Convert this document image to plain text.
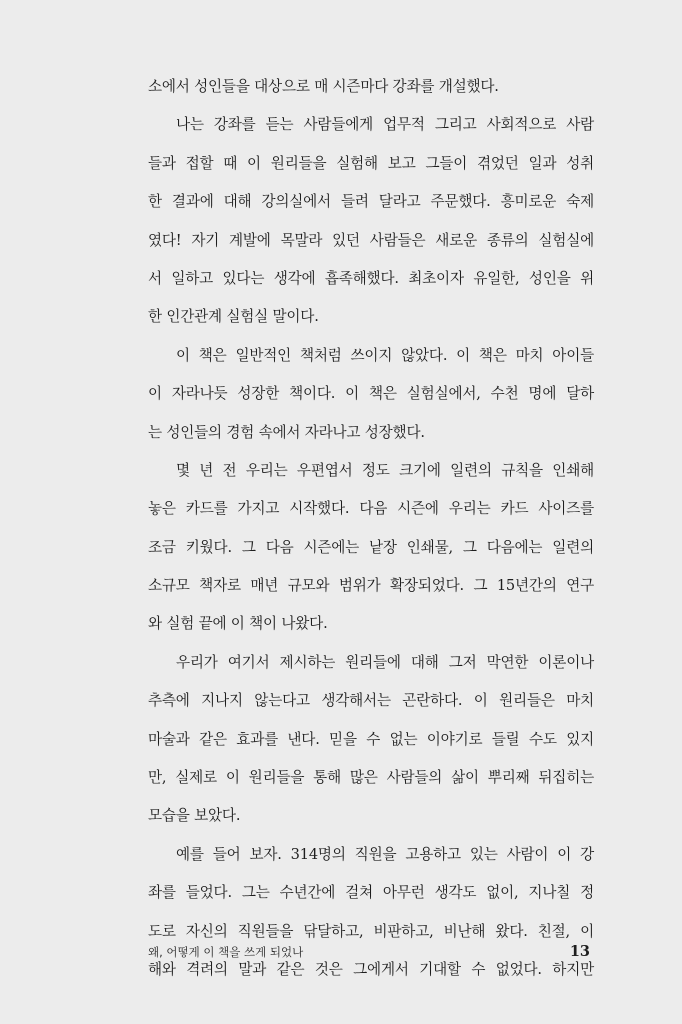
소에서 성인들을 대상으로 매 시즌마다 강좌를 개설했다.
나는 강좌를 듣는 사람들에게 업무적 그리고 사회적으로 사람
들과 접할 때 이 원리들을 실험해 보고 그들이 겪었던 일과 성취
한 결과에 대해 강의실에서 들려 달라고 주문했다. 흥미로운 숙제
였다! 자기 계발에 목말라 있던 사람들은 새로운 종류의 실험실에
서 일하고 있다는 생각에 흡족해했다. 최초이자 유일한, 성인을 위
한 인간관계 실험실 말이다.
이 책은 일반적인 책처럼 쓰이지 않았다. 이 책은 마치 아이들
이 자라나듯 성장한 책이다. 이 책은 실험실에서, 수천 명에 달하
는 성인들의 경험 속에서 자라나고 성장했다.
몇 년 전 우리는 우편엽서 정도 크기에 일련의 규칙을 인쇄해
놓은 카드를 가지고 시작했다. 다음 시즌에 우리는 카드 사이즈를
조금 키웠다. 그 다음 시즌에는 낱장 인쇄물, 그 다음에는 일련의
소규모 책자로 매년 규모와 범위가 확장되었다. 그 15년간의 연구
와 실험 끝에 이 책이 나왔다.
우리가 여기서 제시하는 원리들에 대해 그저 막연한 이론이나
추측에 지나지 않는다고 생각해서는 곤란하다. 이 원리들은 마치
마술과 같은 효과를 낸다. 믿을 수 없는 이야기로 들릴 수도 있지
만, 실제로 이 원리들을 통해 많은 사람들의 삶이 뿌리째 뒤집히는
모습을 보았다.
예를 들어 보자. 314명의 직원을 고용하고 있는 사람이 이 강
좌를 들었다. 그는 수년간에 걸쳐 아무런 생각도 없이, 지나칠 정
도로 자신의 직원들을 닦달하고, 비판하고, 비난해 왔다. 친절, 이
해와 격려의 말과 같은 것은 그에게서 기대할 수 없었다. 하지만
왜, 어떻게 이 책을 쓰게 되었나	13
